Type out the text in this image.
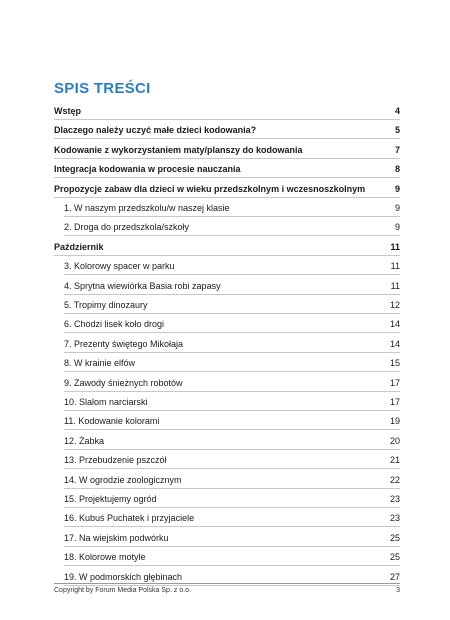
SPIS TREŚCI
Wstęp	4
Dlaczego należy uczyć małe dzieci kodowania?	5
Kodowanie z wykorzystaniem maty/planszy do kodowania	7
Integracja kodowania w procesie nauczania	8
Propozycje zabaw dla dzieci w wieku przedszkolnym i wczesnoszkolnym	9
1. W naszym przedszkolu/w naszej klasie	9
2. Droga do przedszkola/szkoły	9
Październik	11
3. Kolorowy spacer w parku	11
4. Sprytna wiewiórka Basia robi zapasy	11
5. Tropimy dinozaury	12
6. Chodzi lisek koło drogi	14
7. Prezenty świętego Mikołaja	14
8. W krainie elfów	15
9. Zawody śnieżnych robotów	17
10. Slalom narciarski	17
11. Kodowanie kolorami	19
12. Żabka	20
13. Przebudzenie pszczół	21
14. W ogrodzie zoologicznym	22
15. Projektujemy ogród	23
16. Kubuś Puchatek i przyjaciele	23
17. Na wiejskim podwórku	25
18. Kolorowe motyle	25
19. W podmorskich głębinach	27
Copyright by Forum Media Polska Sp. z o.o.	3
